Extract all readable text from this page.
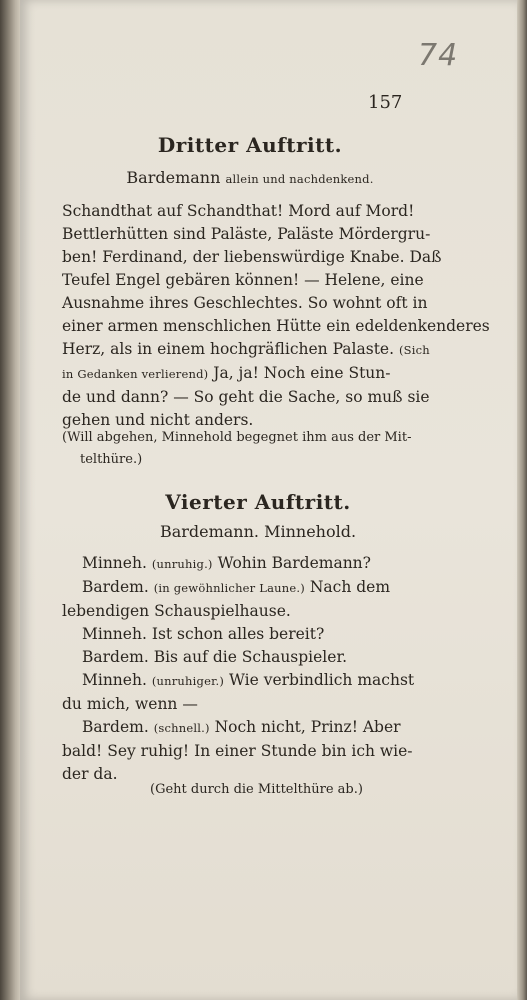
74
157
Dritter Auftritt.
Bardemann allein und nachdenkend.
Schandthat auf Schandthat! Mord auf Mord!
Bettlerhütten sind Paläste, Paläste Mördergru-
ben! Ferdinand, der liebenswürdige Knabe. Daß
Teufel Engel gebären können! — Helene, eine
Ausnahme ihres Geschlechtes. So wohnt oft in
einer armen menschlichen Hütte ein edeldenkenderes
Herz, als in einem hochgräflichen Palaste. (Sich
in Gedanken verlierend) Ja, ja! Noch eine Stun-
de und dann? — So geht die Sache, so muß sie
gehen und nicht anders.
(Will abgehen, Minnehold begegnet ihm aus der Mit-
telthüre.)
Vierter Auftritt.
Bardemann. Minnehold.
Minneh. (unruhig.) Wohin Bardemann?
Bardem. (in gewöhnlicher Laune.) Nach dem
lebendigen Schauspielhause.
Minneh. Ist schon alles bereit?
Bardem. Bis auf die Schauspieler.
Minneh. (unruhiger.) Wie verbindlich machst
du mich, wenn —
Bardem. (schnell.) Noch nicht, Prinz! Aber
bald! Sey ruhig! In einer Stunde bin ich wie-
der da.
(Geht durch die Mittelthüre ab.)
